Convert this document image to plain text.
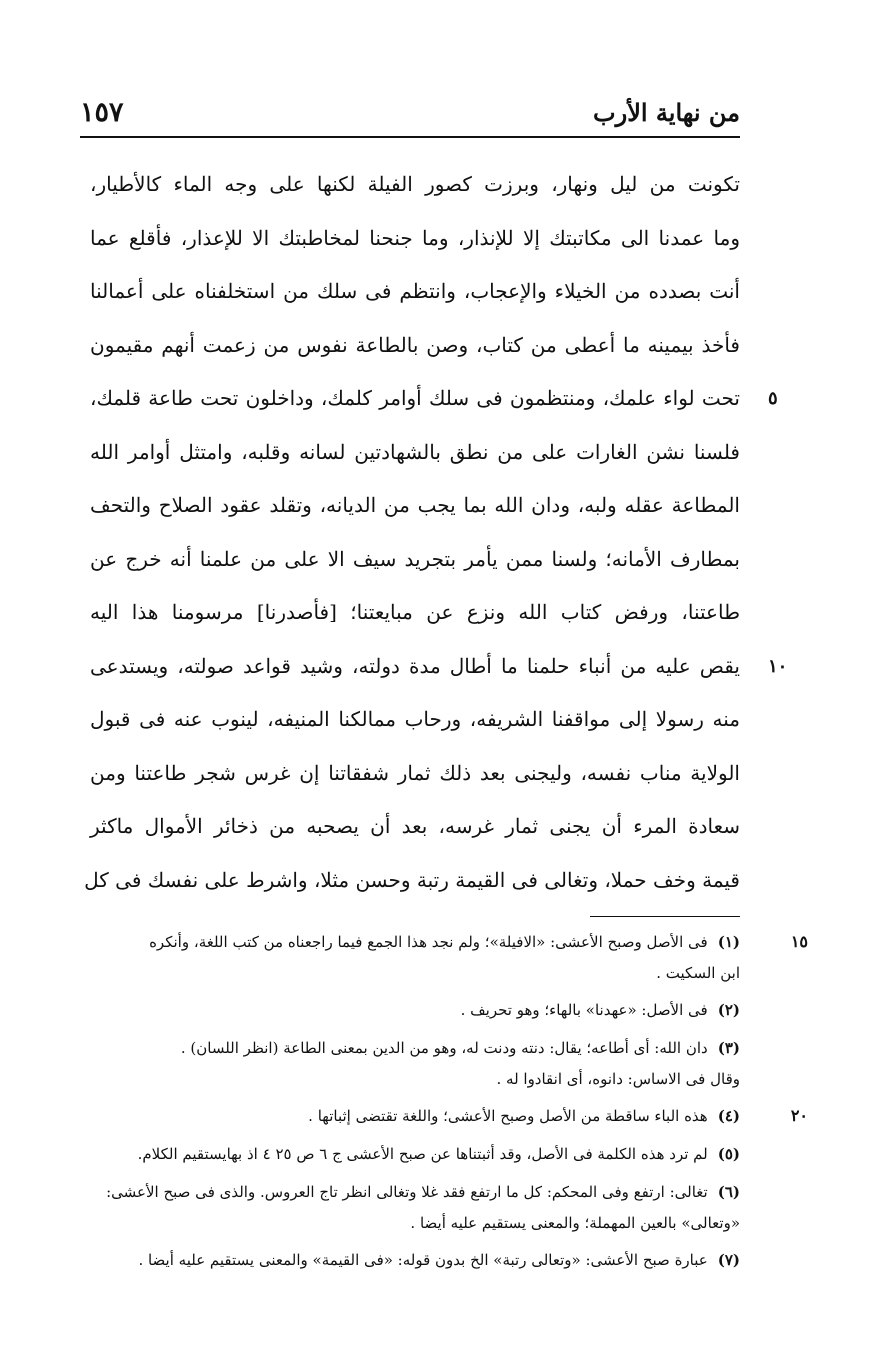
١٥٧	من نهاية الأرب
تكونت من ليل ونهار، وبرزت كصور الفيلة لكنها على وجه الماء كالأطيار،
وما عمدنا الى مكاتبتك إلا للإنذار، وما جنحنا لمخاطبتك الا للإعذار، فأقلع عما
أنت بصدده من الخيلاء والإعجاب، وانتظم فى سلك من استخلفناه على أعمالنا
فأخذ بيمينه ما أعطى من كتاب، وصن بالطاعة نفوس من زعمت أنهم مقيمون
تحت لواء علمك، ومنتظمون فى سلك أوامر كلمك، وداخلون تحت طاعة قلمك، ٥
فلسنا نشن الغارات على من نطق بالشهادتين لسانه وقلبه، وامتثل أوامر الله
المطاعة عقله ولبه، ودان الله بما يجب من الديانه، وتقلد عقود الصلاح والتحف
بمطارف الأمانه؛ ولسنا ممن يأمر بتجريد سيف الا على من علمنا أنه خرج عن
طاعتنا، ورفض كتاب الله ونزع عن مبايعتنا؛ [فأصدرنا] مرسومنا هذا اليه
يقص عليه من أنباء حلمنا ما أطال مدة دولته، وشيد قواعد صولته، ويستدعى ١٠
منه رسولا إلى مواقفنا الشريفه، ورحاب ممالكنا المنيفه، لينوب عنه فى قبول
الولاية مناب نفسه، وليجنى بعد ذلك ثمار شفقاتنا إن غرس شجر طاعتنا ومن
سعادة المرء أن يجنى ثمار غرسه، بعد أن يصحبه من ذخائر الأموال ماكثر
قيمة وخف حملا، وتغالى فى القيمة رتبة وحسن مثلا، واشرط على نفسك فى كل
(١)فى الأصل وصبح الأعشى: «الافيلة»؛ ولم نجد هذا الجمع فيما راجعناه من كتب اللغة، وأنكره	١٥
ابن السكيت .
(٢)فى الأصل: «عهدنا» بالهاء؛ وهو تحريف .
(٣)دان الله: أى أطاعه؛ يقال: دنته ودنت له، وهو من الدين بمعنى الطاعة (انظر اللسان) .
وقال فى الاساس: دانوه، أى انقادوا له .
(٤)هذه الباء ساقطة من الأصل وصبح الأعشى؛ واللغة تقتضى إثباتها .	٢٠
(٥)لم ترد هذه الكلمة فى الأصل، وقد أثبتناها عن صبح الأعشى ج ٦ ص ٢٥ ٤ اذ بهايستقيم الكلام.
(٦)تغالى: ارتفع وفى المحكم: كل ما ارتفع فقد غلا وتغالى انظر تاج العروس. والذى فى صبح الأعشى:
«وتعالى» بالعين المهملة؛ والمعنى يستقيم عليه أيضا .
(٧)عبارة صبح الأعشى: «وتعالى رتبة» الخ بدون قوله: «فى القيمة» والمعنى يستقيم عليه أيضا .
